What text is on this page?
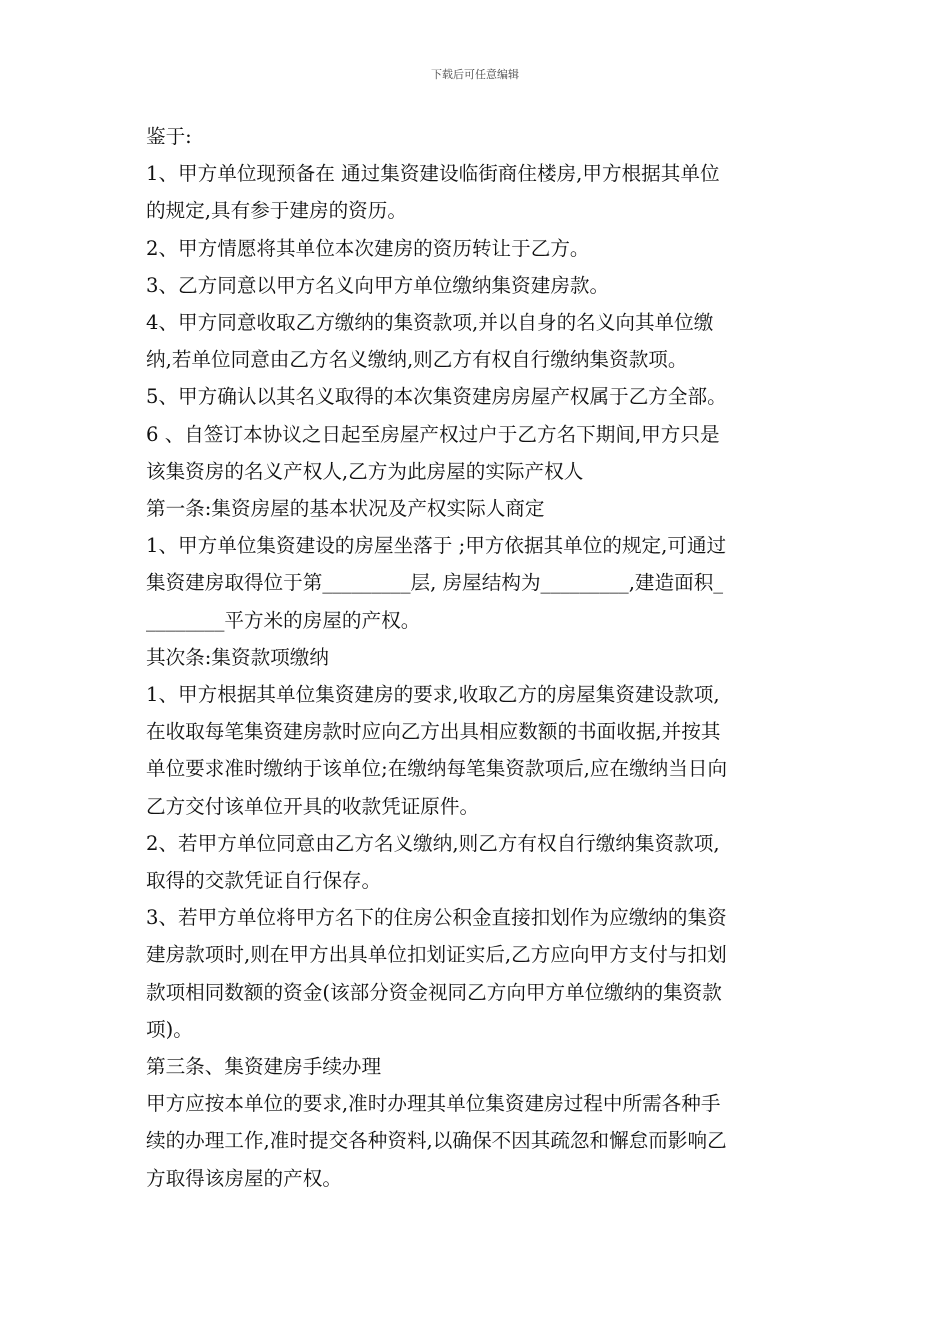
下载后可任意编辑

鉴于:

1、甲方单位现预备在 通过集资建设临街商住楼房,甲方根据其单位

的规定,具有参于建房的资历。

2、甲方情愿将其单位本次建房的资历转让于乙方。

3、乙方同意以甲方名义向甲方单位缴纳集资建房款。

4、甲方同意收取乙方缴纳的集资款项,并以自身的名义向其单位缴

纳,若单位同意由乙方名义缴纳,则乙方有权自行缴纳集资款项。

5、甲方确认以其名义取得的本次集资建房房屋产权属于乙方全部。

6 、自签订本协议之日起至房屋产权过户于乙方名下期间,甲方只是

该集资房的名义产权人,乙方为此房屋的实际产权人

第一条:集资房屋的基本状况及产权实际人商定

1、甲方单位集资建设的房屋坐落于 ;甲方依据其单位的规定,可通过

集资建房取得位于第_________层, 房屋结构为_________,建造面积_

________平方米的房屋的产权。

其次条:集资款项缴纳

1、甲方根据其单位集资建房的要求,收取乙方的房屋集资建设款项,

在收取每笔集资建房款时应向乙方出具相应数额的书面收据,并按其

单位要求准时缴纳于该单位;在缴纳每笔集资款项后,应在缴纳当日向

乙方交付该单位开具的收款凭证原件。

2、若甲方单位同意由乙方名义缴纳,则乙方有权自行缴纳集资款项,

取得的交款凭证自行保存。

3、若甲方单位将甲方名下的住房公积金直接扣划作为应缴纳的集资

建房款项时,则在甲方出具单位扣划证实后,乙方应向甲方支付与扣划

款项相同数额的资金(该部分资金视同乙方向甲方单位缴纳的集资款

项)。

第三条、集资建房手续办理

甲方应按本单位的要求,准时办理其单位集资建房过程中所需各种手

续的办理工作,准时提交各种资料,以确保不因其疏忽和懈怠而影响乙

方取得该房屋的产权。
